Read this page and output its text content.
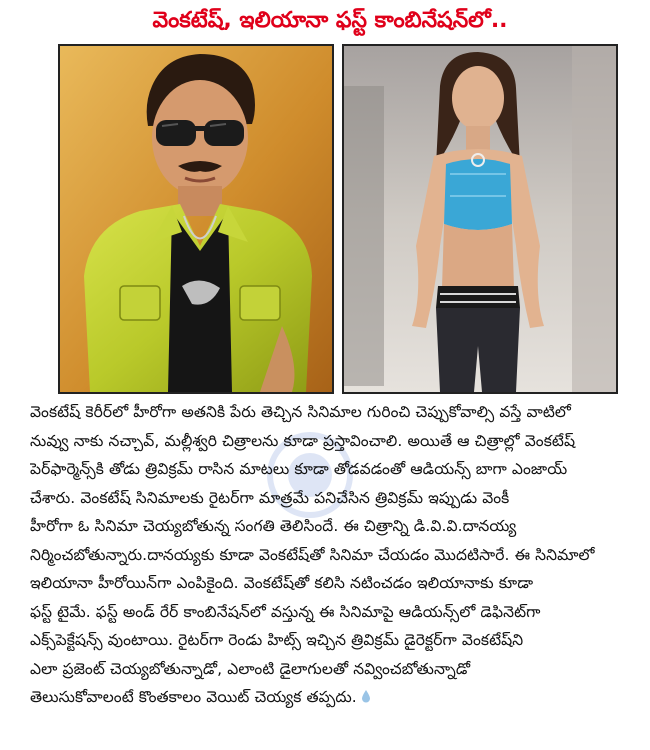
వెంకటేష్, ఇలియానా ఫస్ట్ కాంబినేషన్‌లో..
వెంకటేష్ కెరీర్‌లో హీరోగా అతనికి పేరు తెచ్చిన సినిమాల గురించి చెప్పుకోవాల్సి వస్తే వాటిలో
నువ్వు నాకు నచ్చావ్, మల్లీశ్వరి చిత్రాలను కూడా ప్రస్తావించాలి. అయితే ఆ చిత్రాల్లో వెంకటేష్
పెర్‌ఫార్మెన్స్‌కి తోడు త్రివిక్రమ్ రాసిన మాటలు కూడా తోడవడంతో ఆడియన్స్ బాగా ఎంజాయ్
చేశారు. వెంకటేష్ సినిమాలకు రైటర్‌గా మాత్రమే పనిచేసిన త్రివిక్రమ్ ఇప్పుడు వెంకీ
హీరోగా ఓ సినిమా చెయ్యబోతున్న సంగతి తెలిసిందే. ఈ చిత్రాన్ని డి.వి.వి.దానయ్య
నిర్మించబోతున్నారు.దానయ్యకు కూడా వెంకటేష్‌తో సినిమా చేయడం మొదటిసారే. ఈ సినిమాలో
ఇలియానా హీరోయిన్‌గా ఎంపికైంది. వెంకటేష్‌తో కలిసి నటించడం ఇలియానాకు కూడా
ఫస్ట్ టైమే. ఫస్ట్ అండ్ రేర్ కాంబినేషన్‌లో వస్తున్న ఈ సినిమాపై ఆడియన్స్‌లో డెఫినెట్‌గా
ఎక్స్‌పెక్టేషన్స్ వుంటాయి. రైటర్‌గా రెండు హిట్స్ ఇచ్చిన త్రివిక్రమ్ డైరెక్టర్‌గా వెంకటేష్‌ని
ఎలా ప్రజెంట్ చెయ్యబోతున్నాడో, ఎలాంటి డైలాగులతో నవ్వించబోతున్నాడో
తెలుసుకోవాలంటే కొంతకాలం వెయిట్ చెయ్యక తప్పదు.
